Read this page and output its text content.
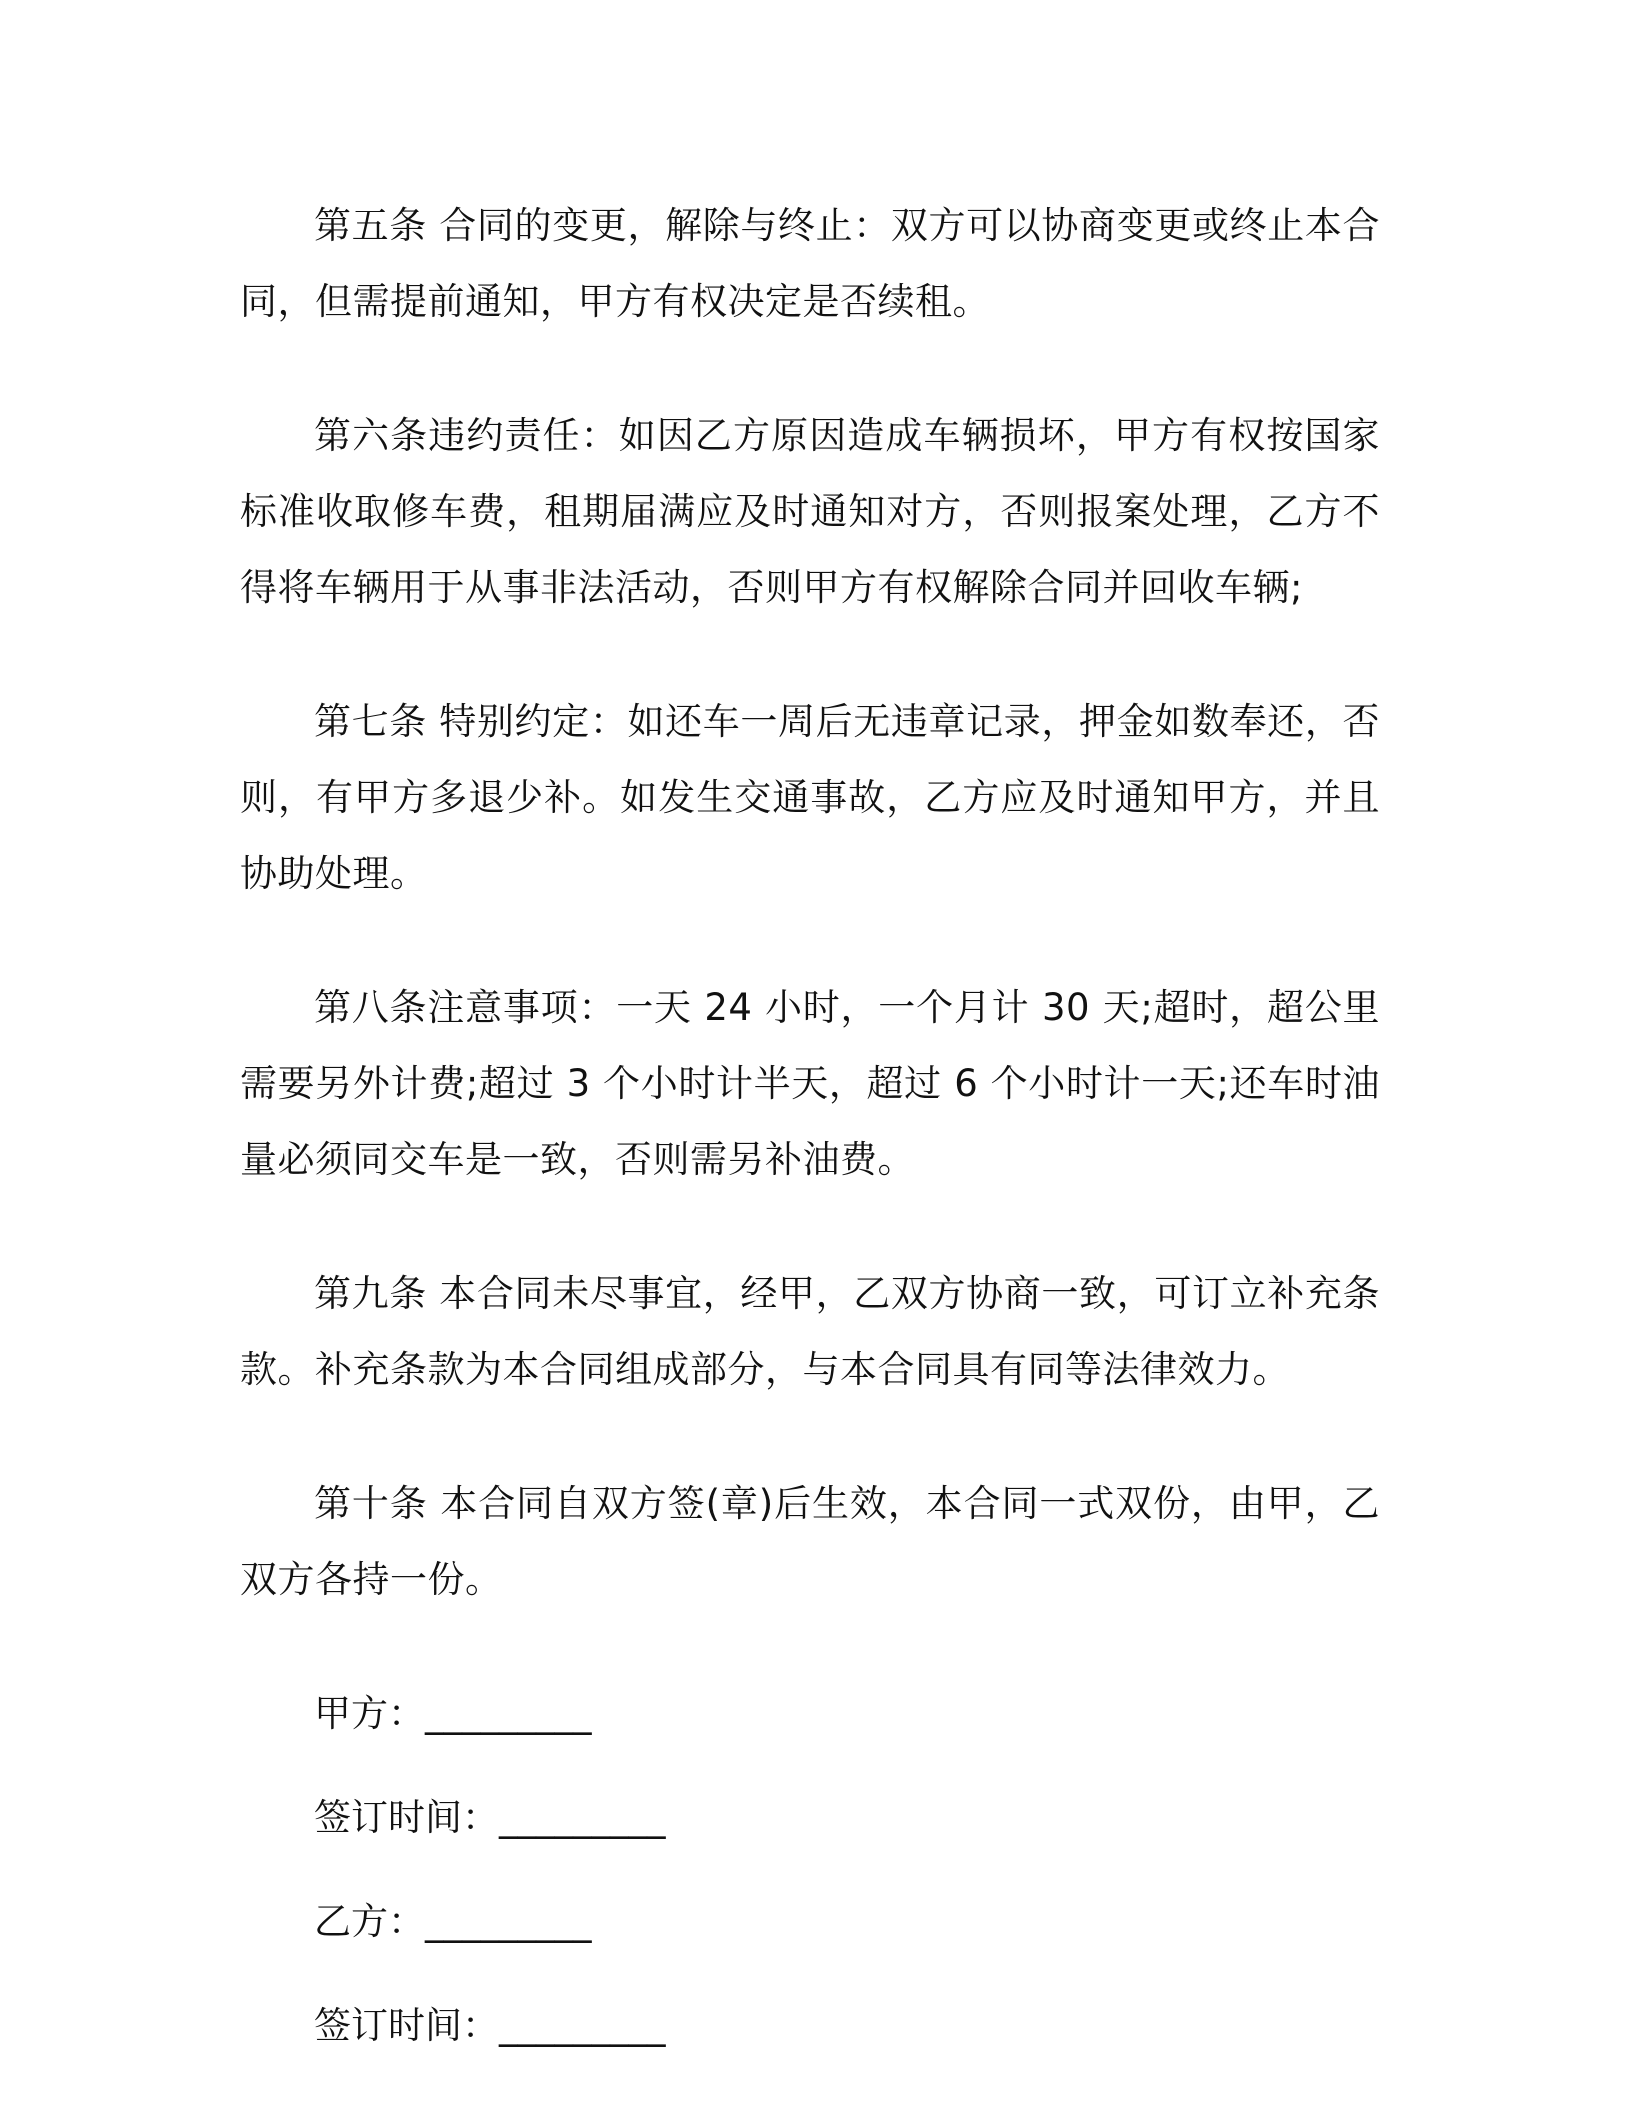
第五条 合同的变更，解除与终止：双方可以协商变更或终止本合同，但需提前通知，甲方有权决定是否续租。

第六条违约责任：如因乙方原因造成车辆损坏，甲方有权按国家标准收取修车费，租期届满应及时通知对方，否则报案处理，乙方不得将车辆用于从事非法活动，否则甲方有权解除合同并回收车辆;

第七条 特别约定：如还车一周后无违章记录，押金如数奉还，否则，有甲方多退少补。如发生交通事故，乙方应及时通知甲方，并且协助处理。

第八条注意事项：一天 24 小时，一个月计 30 天;超时，超公里需要另外计费;超过 3 个小时计半天，超过 6 个小时计一天;还车时油量必须同交车是一致，否则需另补油费。

第九条 本合同未尽事宜，经甲，乙双方协商一致，可订立补充条款。补充条款为本合同组成部分，与本合同具有同等法律效力。

第十条 本合同自双方签(章)后生效，本合同一式双份，由甲，乙双方各持一份。

甲方：_________
签订时间：_________
乙方：_________
签订时间：_________
